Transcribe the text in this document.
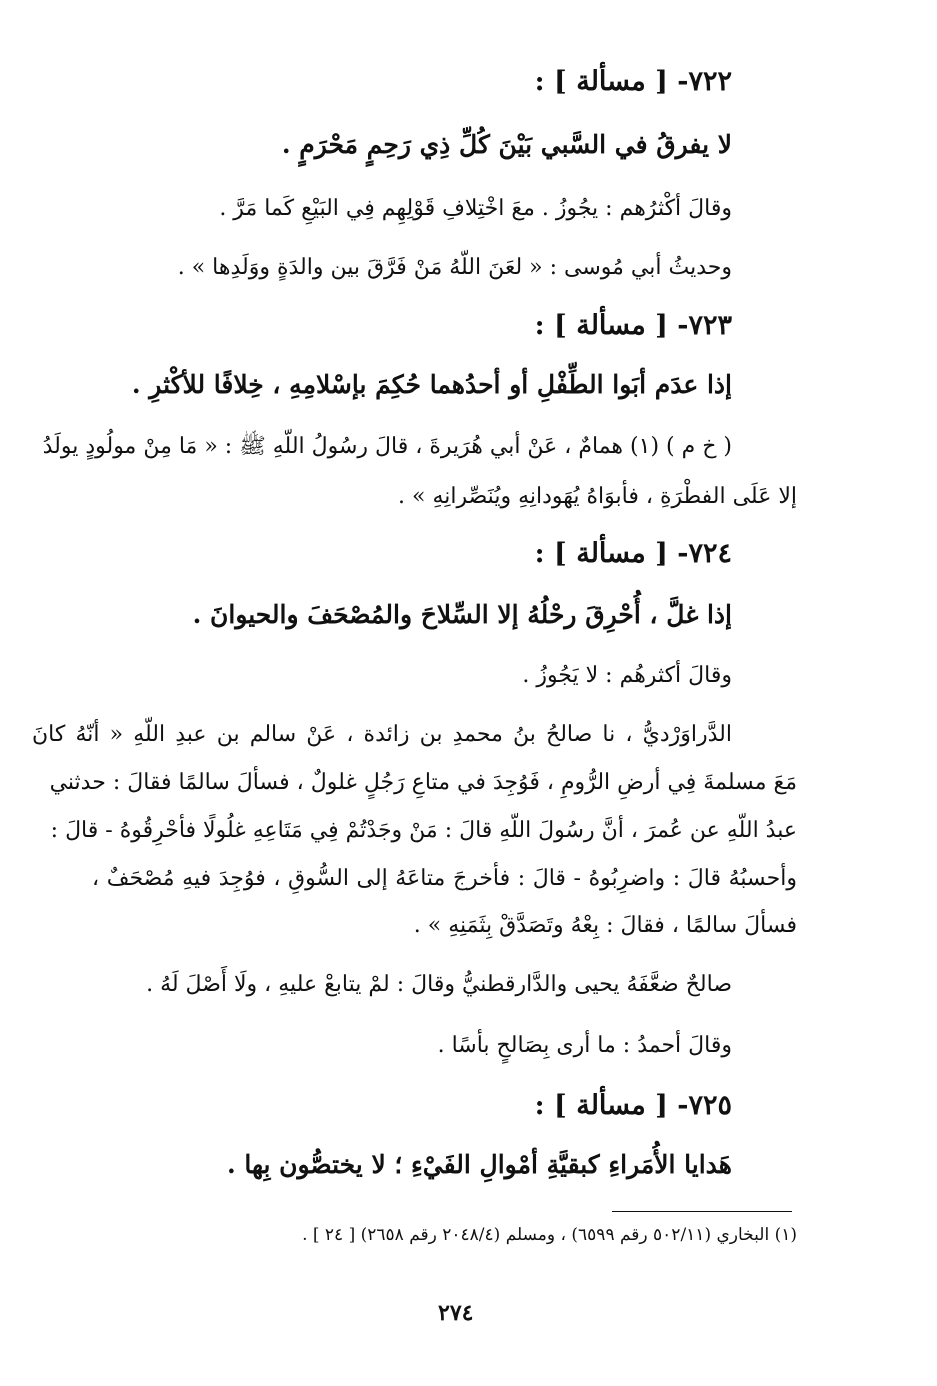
٧٢٢- [ مسألة ] :
لا يفرقُ في السَّبي بَيْنَ كُلِّ ذِي رَحِمٍ مَحْرَمٍ .
وقالَ أكْثرُهم : يجُوزُ . معَ اخْتِلافِ قَوْلِهِم فِي البَيْعِ كَما مَرَّ .
وحديثُ أبي مُوسى : « لعَنَ اللّهُ مَنْ فَرَّقَ بين والدَةٍ ووَلَدِها » .
٧٢٣- [ مسألة ] :
إذا عدَم أبَوا الطِّفْلِ أو أحدُهما حُكِمَ بإسْلامِهِ ، خِلافًا للأكْثرِ .
( خ م ) (١) همامٌ ، عَنْ أبي هُرَيرةَ ، قالَ رسُولُ اللّهِ ﷺ : « مَا مِنْ مولُودٍ يولَدُ
إلا عَلَى الفطْرَةِ ، فأبوَاهُ يُهَودانِهِ ويُنَصِّرانِهِ » .
٧٢٤- [ مسألة ] :
إذا غلَّ ، أُحْرِقَ رحْلُهُ إلا السِّلاحَ والمُصْحَفَ والحيوانَ .
وقالَ أكثرهُم : لا يَجُوزُ .
الدَّراوَرْديُّ ، نا صالحُ بنُ محمدِ بن زائدة ، عَنْ سالم بن عبدِ اللّهِ « أنّهُ كانَ
مَعَ مسلمةَ فِي أرضِ الرُّومِ ، فَوُجِدَ في متاعِ رَجُلٍ غلولٌ ، فسألَ سالمًا فقالَ : حدثني
عبدُ اللّهِ عن عُمرَ ، أنَّ رسُولَ اللّهِ قالَ : مَنْ وجَدْتُمْ فِي مَتَاعِهِ غلُولًا فأحْرِقُوهُ - قالَ :
وأحسبُهُ قالَ : واضرِبُوهُ - قالَ : فأخرجَ متاعَهُ إلى السُّوقِ ، فوُجِدَ فيهِ مُصْحَفٌ ،
فسألَ سالمًا ، فقالَ : بِعْهُ وتَصَدَّقْ بِثَمَنِهِ » .
صالحٌ ضعَّفَهُ يحيى والدَّارقطنيُّ وقالَ : لمْ يتابعْ عليهِ ، ولَا أَصْلَ لَهُ .
وقالَ أحمدُ : ما أرى بِصَالحٍ بأسًا .
٧٢٥- [ مسألة ] :
هَدايا الأُمَراءِ كبقيَّةِ أمْوالِ الفَيْءِ ؛ لا يختصُّون بِها .
(١) البخاري (٥٠٢/١١ رقم ٦٥٩٩) ، ومسلم (٢٠٤٨/٤ رقم ٢٦٥٨) [ ٢٤ ] .
٢٧٤
